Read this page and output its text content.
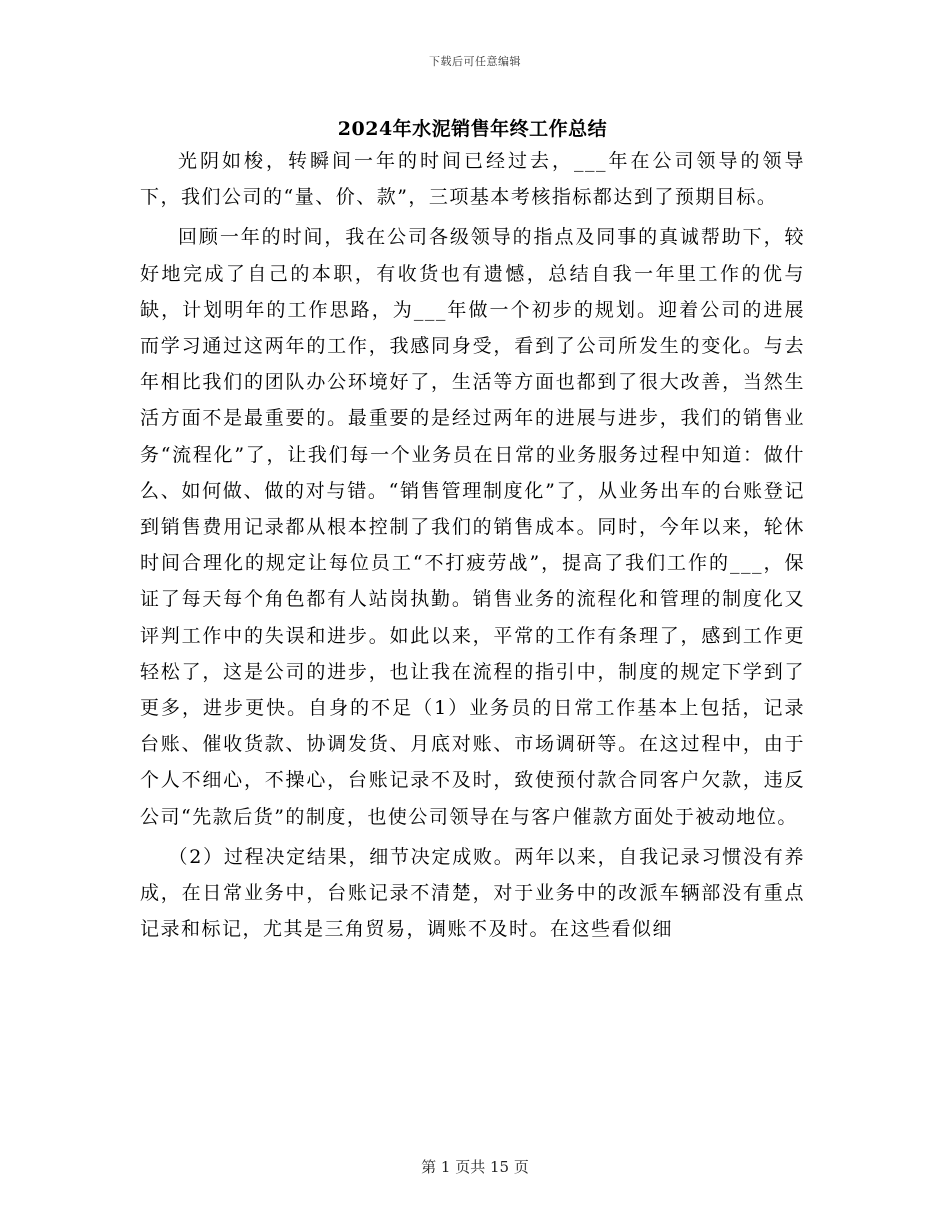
下载后可任意编辑
2024年水泥销售年终工作总结

光阴如梭，转瞬间一年的时间已经过去，___年在公司领导的领导下，我们公司的“量、价、款”，三项基本考核指标都达到了预期目标。

回顾一年的时间，我在公司各级领导的指点及同事的真诚帮助下，较好地完成了自己的本职，有收货也有遗憾，总结自我一年里工作的优与缺，计划明年的工作思路，为___年做一个初步的规划。迎着公司的进展而学习通过这两年的工作，我感同身受，看到了公司所发生的变化。与去年相比我们的团队办公环境好了，生活等方面也都到了很大改善，当然生活方面不是最重要的。最重要的是经过两年的进展与进步，我们的销售业务“流程化”了，让我们每一个业务员在日常的业务服务过程中知道：做什么、如何做、做的对与错。“销售管理制度化”了，从业务出车的台账登记到销售费用记录都从根本控制了我们的销售成本。同时，今年以来，轮休时间合理化的规定让每位员工“不打疲劳战”，提高了我们工作的___，保证了每天每个角色都有人站岗执勤。销售业务的流程化和管理的制度化又评判工作中的失误和进步。如此以来，平常的工作有条理了，感到工作更轻松了，这是公司的进步，也让我在流程的指引中，制度的规定下学到了更多，进步更快。自身的不足（1）业务员的日常工作基本上包括，记录台账、催收货款、协调发货、月底对账、市场调研等。在这过程中，由于个人不细心，不操心，台账记录不及时，致使预付款合同客户欠款，违反公司“先款后货”的制度，也使公司领导在与客户催款方面处于被动地位。

（2）过程决定结果，细节决定成败。两年以来，自我记录习惯没有养成，在日常业务中，台账记录不清楚，对于业务中的改派车辆部没有重点记录和标记，尤其是三角贸易，调账不及时。在这些看似细

第 1 页共 15 页
